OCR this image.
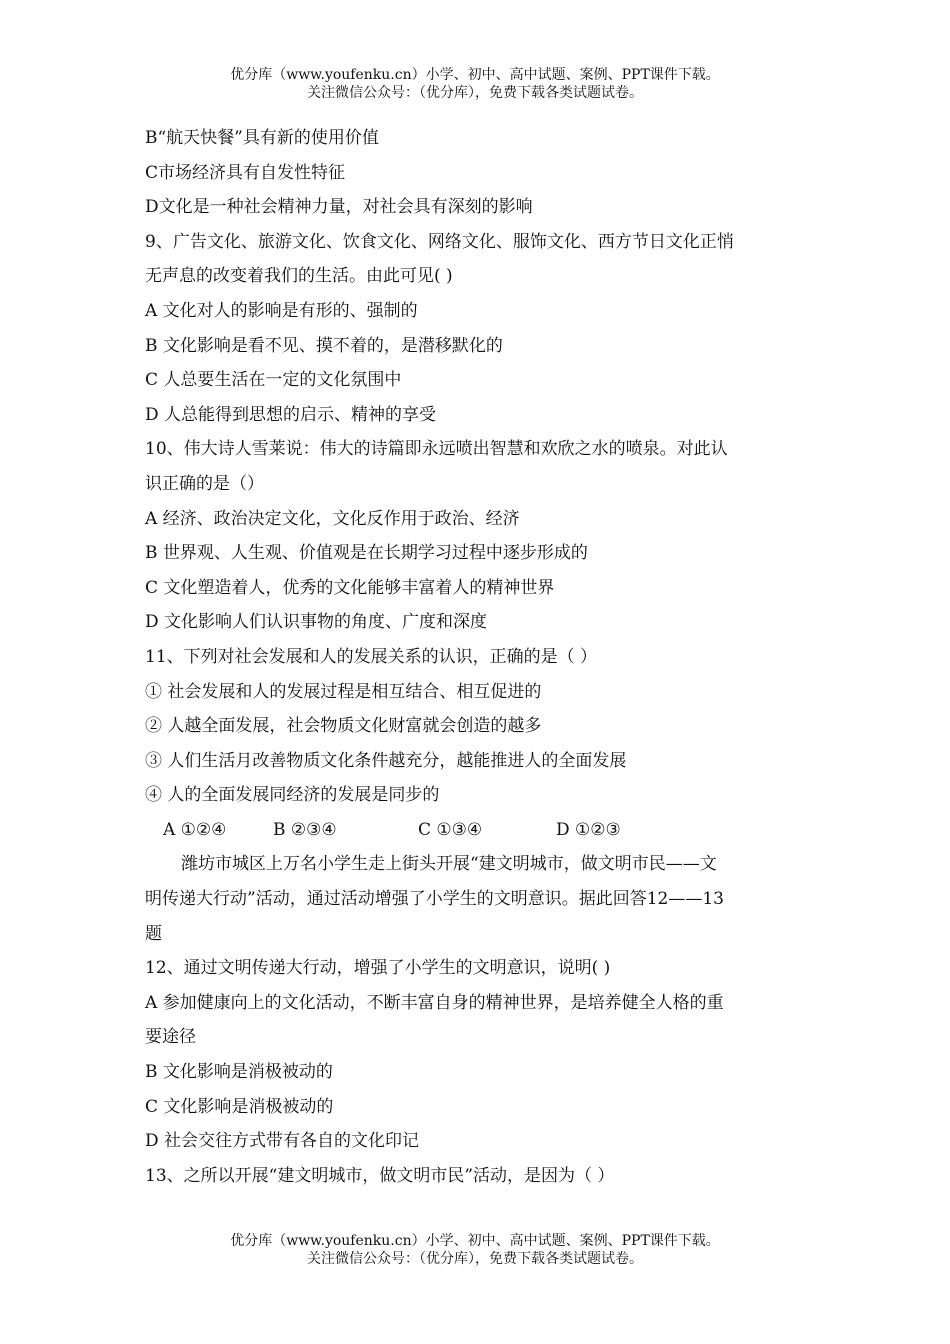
优分库（www.youfenku.cn）小学、初中、高中试题、案例、PPT课件下载。
关注微信公众号：（优分库），免费下载各类试题试卷。
B“航天快餐”具有新的使用价值
C市场经济具有自发性特征
D文化是一种社会精神力量，对社会具有深刻的影响
9、广告文化、旅游文化、饮食文化、网络文化、服饰文化、西方节日文化正悄
无声息的改变着我们的生活。由此可见( )
A 文化对人的影响是有形的、强制的
B 文化影响是看不见、摸不着的，是潜移默化的
C 人总要生活在一定的文化氛围中
D 人总能得到思想的启示、精神的享受
10、伟大诗人雪莱说：伟大的诗篇即永远喷出智慧和欢欣之水的喷泉。对此认
识正确的是（）
A 经济、政治决定文化，文化反作用于政治、经济
B 世界观、人生观、价值观是在长期学习过程中逐步形成的
C 文化塑造着人，优秀的文化能够丰富着人的精神世界
D 文化影响人们认识事物的角度、广度和深度
11、下列对社会发展和人的发展关系的认识，正确的是（ ）
① 社会发展和人的发展过程是相互结合、相互促进的
② 人越全面发展，社会物质文化财富就会创造的越多
③ 人们生活月改善物质文化条件越充分，越能推进人的全面发展
④ 人的全面发展同经济的发展是同步的
A ①②④	B ②③④	C ①③④	D ①②③
潍坊市城区上万名小学生走上街头开展“建文明城市，做文明市民——文
明传递大行动”活动，通过活动增强了小学生的文明意识。据此回答12——13
题
12、通过文明传递大行动，增强了小学生的文明意识，说明( )
A 参加健康向上的文化活动，不断丰富自身的精神世界，是培养健全人格的重
要途径
B 文化影响是消极被动的
C 文化影响是消极被动的
D 社会交往方式带有各自的文化印记
13、之所以开展“建文明城市，做文明市民”活动，是因为（ ）
优分库（www.youfenku.cn）小学、初中、高中试题、案例、PPT课件下载。
关注微信公众号：（优分库），免费下载各类试题试卷。
